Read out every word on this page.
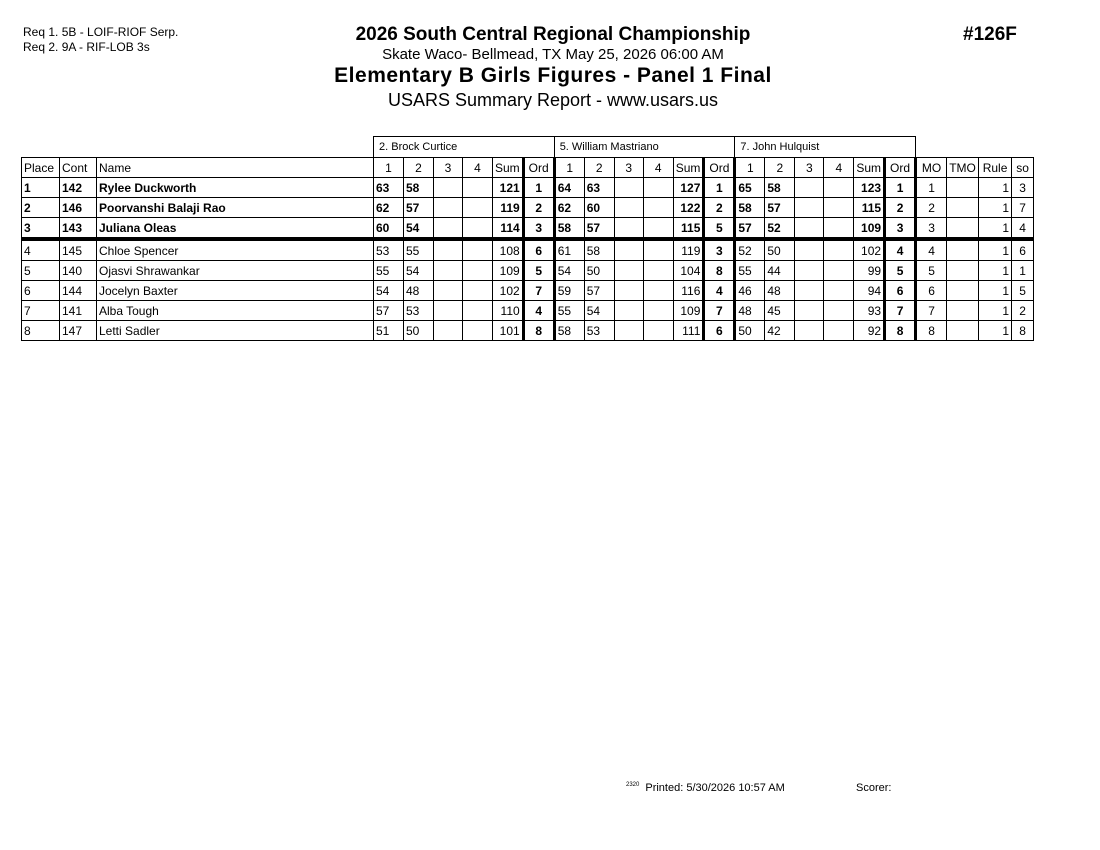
Req 1. 5B - LOIF-RIOF Serp.
Req 2. 9A - RIF-LOB 3s
#126F
2026 South Central Regional Championship
Skate Waco- Bellmead, TX May 25, 2026 06:00 AM
Elementary B Girls Figures - Panel 1 Final
USARS Summary Report - www.usars.us
			2. Brock Curtice						5. William Mastriano						7. John Hulquist									
Place	Cont	Name	1	2	3	4	Sum	Ord	1	2	3	4	Sum	Ord	1	2	3	4	Sum	Ord	MO	TMO	Rule	so
1	142	Rylee Duckworth	63	58			121	1	64	63			127	1	65	58			123	1	1		1	3
2	146	Poorvanshi Balaji Rao	62	57			119	2	62	60			122	2	58	57			115	2	2		1	7
3	143	Juliana Oleas	60	54			114	3	58	57			115	5	57	52			109	3	3		1	4
4	145	Chloe Spencer	53	55			108	6	61	58			119	3	52	50			102	4	4		1	6
5	140	Ojasvi Shrawankar	55	54			109	5	54	50			104	8	55	44			99	5	5		1	1
6	144	Jocelyn Baxter	54	48			102	7	59	57			116	4	46	48			94	6	6		1	5
7	141	Alba Tough	57	53			110	4	55	54			109	7	48	45			93	7	7		1	2
8	147	Letti Sadler	51	50			101	8	58	53			111	6	50	42			92	8	8		1	8
$^{2320}$ Printed: 5/30/2026 10:57 AM	Scorer:
